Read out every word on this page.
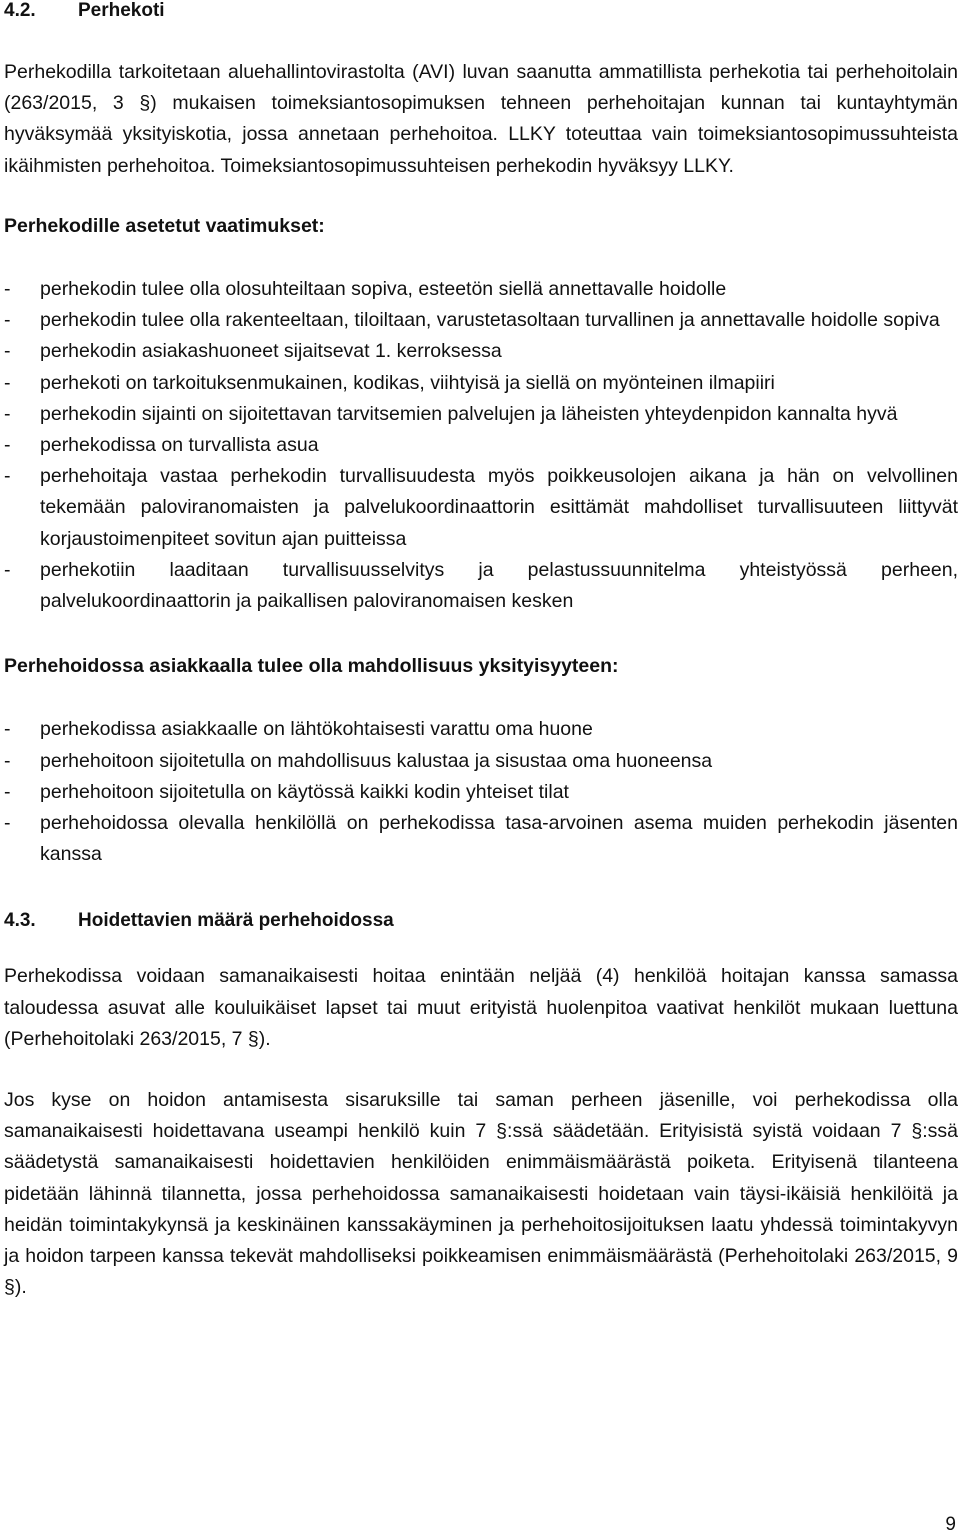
4.2.	Perhekoti

Perhekodilla tarkoitetaan aluehallintovirastolta (AVI) luvan saanutta ammatillista perhekotia tai perhehoitolain (263/2015, 3 §) mukaisen toimeksiantosopimuksen tehneen perhehoitajan kunnan tai kuntayhtymän hyväksymää yksityiskotia, jossa annetaan perhehoitoa. LLKY toteuttaa vain toimeksiantosopimussuhteista ikäihmisten perhehoitoa. Toimeksiantosopimussuhteisen perhekodin hyväksyy LLKY.

Perhekodille asetetut vaatimukset:

-	perhekodin tulee olla olosuhteiltaan sopiva, esteetön siellä annettavalle hoidolle
-	perhekodin tulee olla rakenteeltaan, tiloiltaan, varustetasoltaan turvallinen ja annettavalle hoidolle sopiva
-	perhekodin asiakashuoneet sijaitsevat 1. kerroksessa
-	perhekoti on tarkoituksenmukainen, kodikas, viihtyisä ja siellä on myönteinen ilmapiiri
-	perhekodin sijainti on sijoitettavan tarvitsemien palvelujen ja läheisten yhteydenpidon kannalta hyvä
-	perhekodissa on turvallista asua
-	perhehoitaja vastaa perhekodin turvallisuudesta myös poikkeusolojen aikana ja hän on velvollinen tekemään paloviranomaisten ja palvelukoordinaattorin esittämät mahdolliset turvallisuuteen liittyvät korjaustoimenpiteet sovitun ajan puitteissa
-	perhekotiin laaditaan turvallisuusselvitys ja pelastussuunnitelma yhteistyössä perheen, palvelukoordinaattorin ja paikallisen paloviranomaisen kesken

Perhehoidossa asiakkaalla tulee olla mahdollisuus yksityisyyteen:

-	perhekodissa asiakkaalle on lähtökohtaisesti varattu oma huone
-	perhehoitoon sijoitetulla on mahdollisuus kalustaa ja sisustaa oma huoneensa
-	perhehoitoon sijoitetulla on käytössä kaikki kodin yhteiset tilat
-	perhehoidossa olevalla henkilöllä on perhekodissa tasa-arvoinen asema muiden perhekodin jäsenten kanssa
4.3.	Hoidettavien määrä perhehoidossa

Perhekodissa voidaan samanaikaisesti hoitaa enintään neljää (4) henkilöä hoitajan kanssa samassa taloudessa asuvat alle kouluikäiset lapset tai muut erityistä huolenpitoa vaativat henkilöt mukaan luettuna (Perhehoitolaki 263/2015, 7 §).

Jos kyse on hoidon antamisesta sisaruksille tai saman perheen jäsenille, voi perhekodissa olla samanaikaisesti hoidettavana useampi henkilö kuin 7 §:ssä säädetään. Erityisistä syistä voidaan 7 §:ssä säädetystä samanaikaisesti hoidettavien henkilöiden enimmäismäärästä poiketa. Erityisenä tilanteena pidetään lähinnä tilannetta, jossa perhehoidossa samanaikaisesti hoidetaan vain täysi-ikäisiä henkilöitä ja heidän toimintakykynsä ja keskinäinen kanssakäyminen ja perhehoitosijoituksen laatu yhdessä toimintakyvyn ja hoidon tarpeen kanssa tekevät mahdolliseksi poikkeamisen enimmäismäärästä (Perhehoitolaki 263/2015, 9 §).

9
